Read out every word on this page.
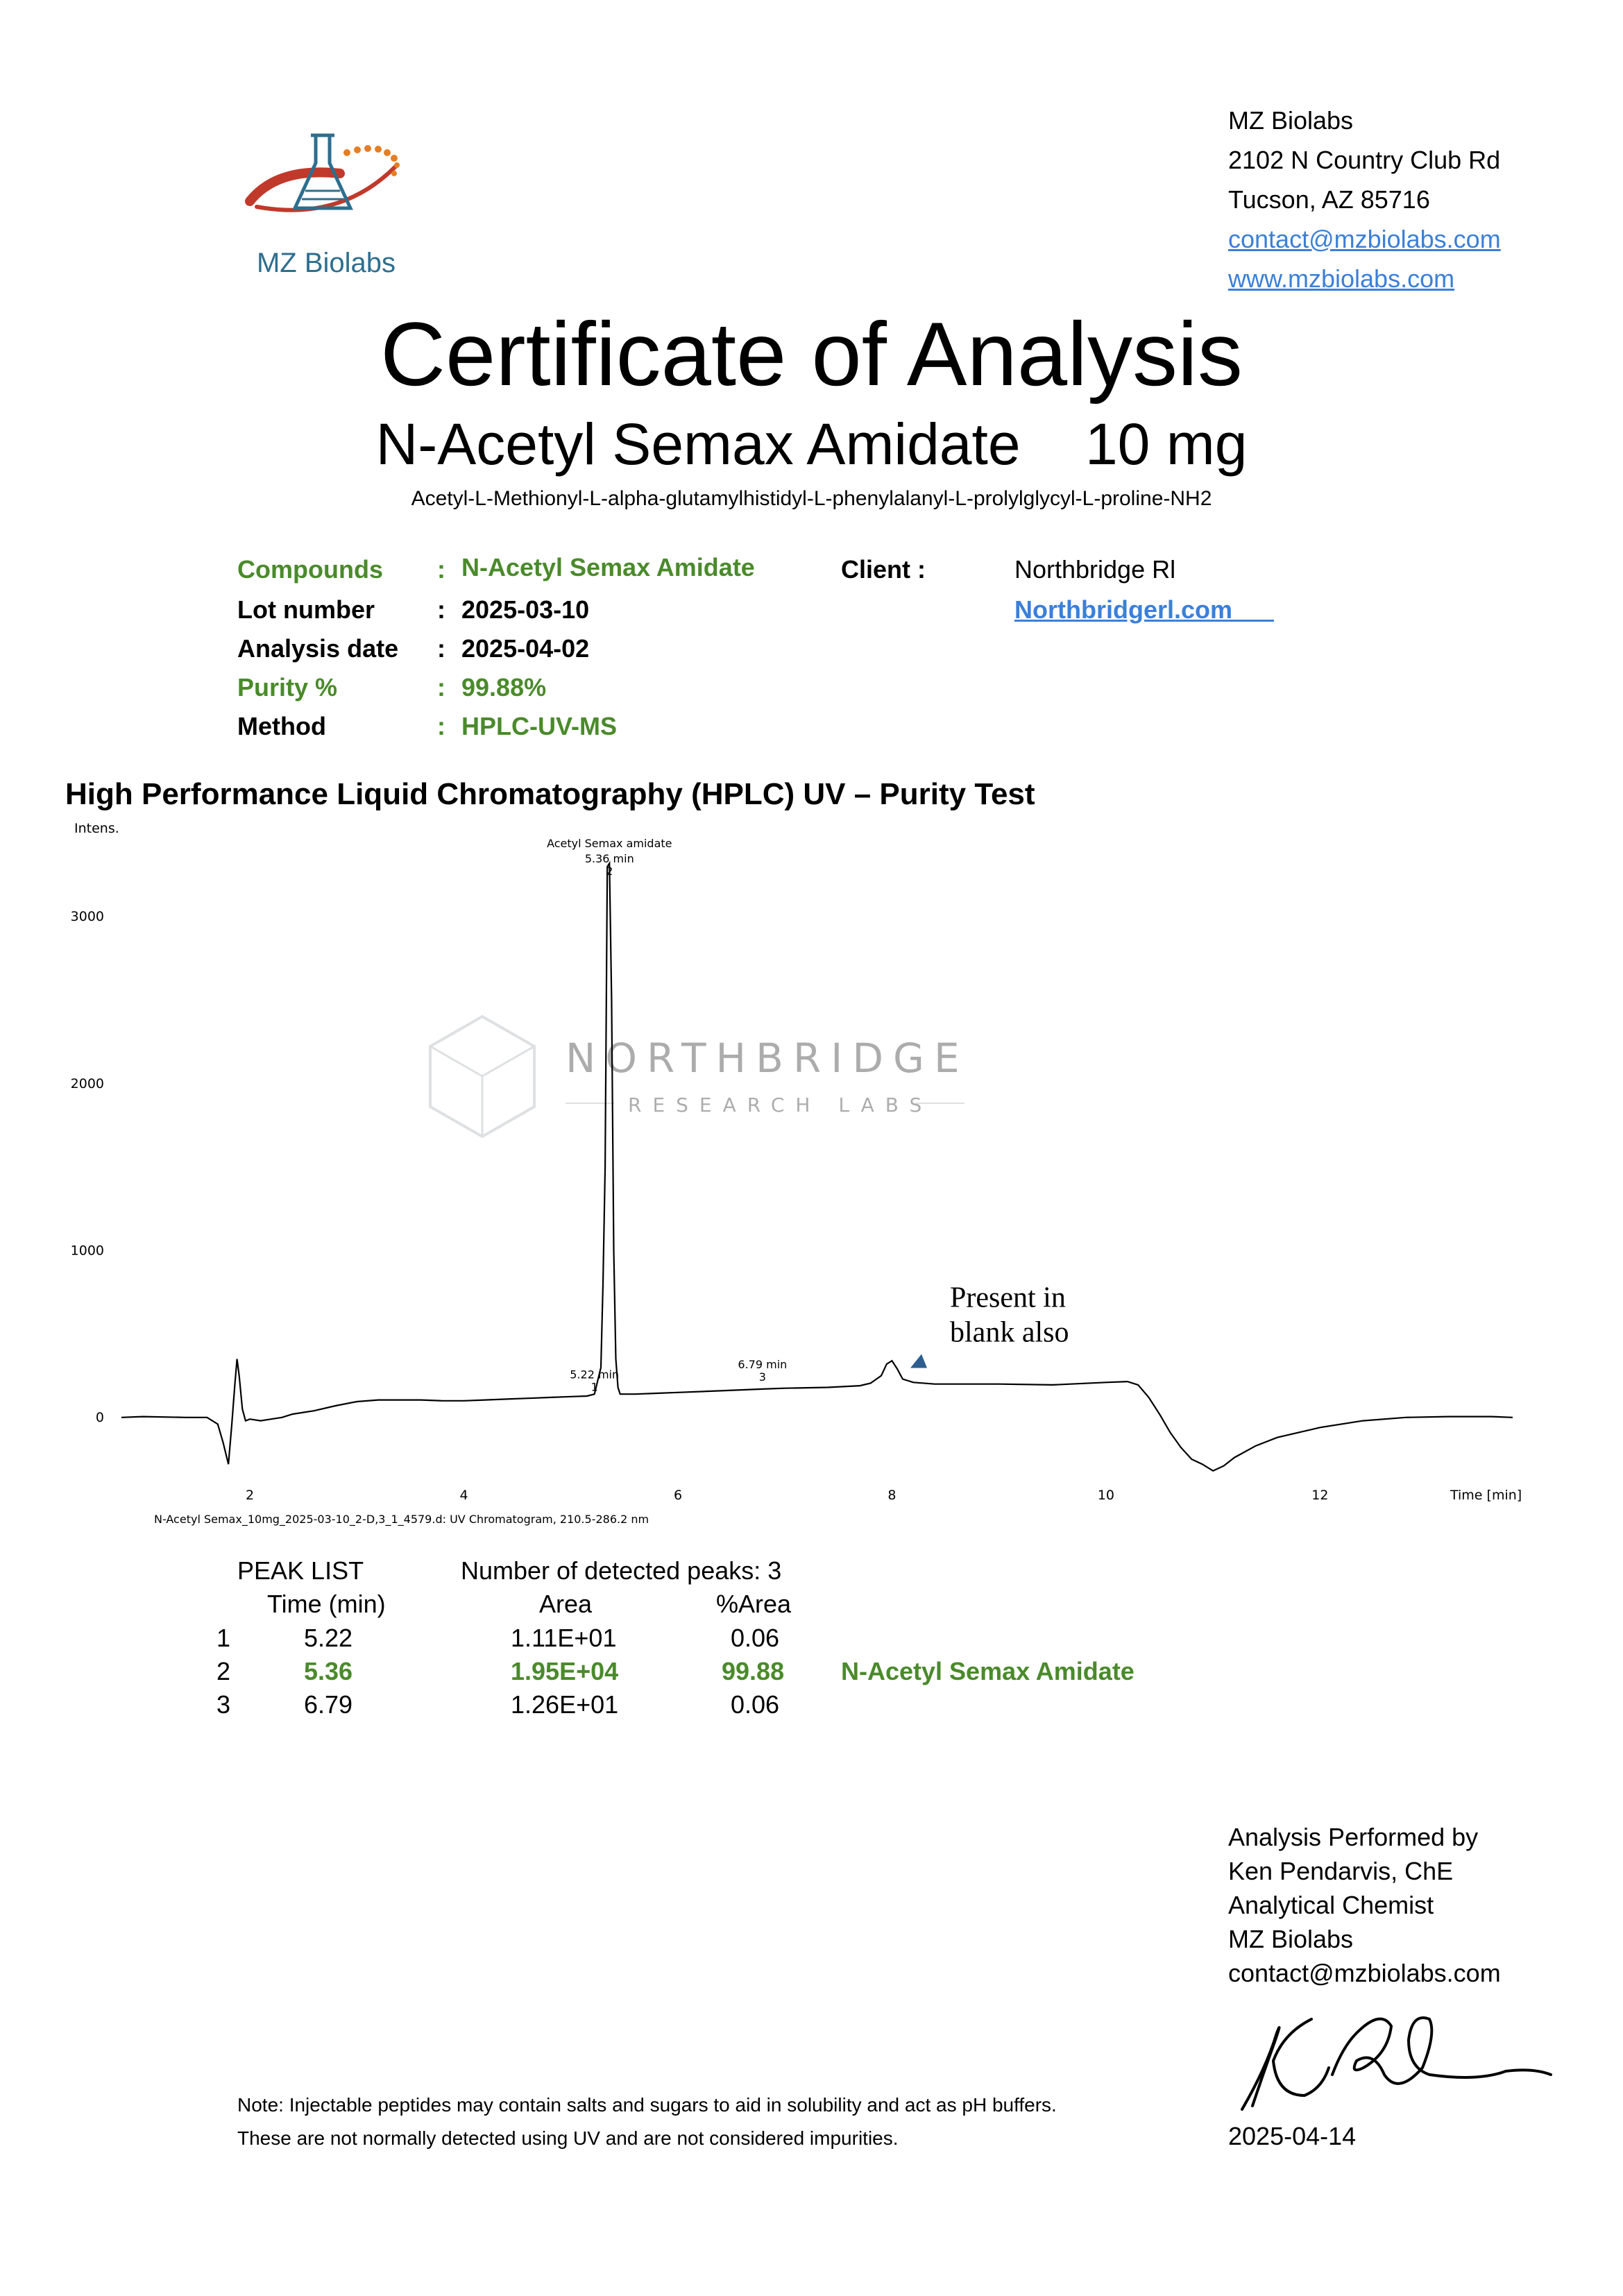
MZ Biolabs
MZ Biolabs
2102 N Country Club Rd
Tucson, AZ 85716
contact@mzbiolabs.com
www.mzbiolabs.com
Certificate of Analysis
N-Acetyl Semax Amidate 10 mg
Acetyl-L-Methionyl-L-alpha-glutamylhistidyl-L-phenylalanyl-L-prolylglycyl-L-proline-NH2
Compounds : N-Acetyl Semax Amidate
Lot number	: 2025-03-10
Analysis date : 2025-04-02
Purity %	: 99.88%
Method	: HPLC-UV-MS
Client :	Northbridge Rl
Northbridgerl.com
High Performance Liquid Chromatography (HPLC) UV – Purity Test
NORTHBRIDGE
RESEARCH LABS
Intens.
Time [min]
N-Acetyl Semax_10mg_2025-03-10_2-D,3_1_4579.d: UV Chromatogram, 210.5-286.2 nm
0
1000
2000
3000
2	4	6	8	10	12
Acetyl Semax amidate
5.36 min
2
5.22 min
1
6.79 min
3
Present in
blank also
PEAK LIST	Number of detected peaks: 3
Time (min)	Area	%Area
1	5.22	1.11E+01	0.06
2	5.36	1.95E+04	99.88 N-Acetyl Semax Amidate
3	6.79	1.26E+01	0.06
Analysis Performed by
Ken Pendarvis, ChE
Analytical Chemist
MZ Biolabs
contact@mzbiolabs.com
2025-04-14
Note: Injectable peptides may contain salts and sugars to aid in solubility and act as pH buffers.
These are not normally detected using UV and are not considered impurities.
